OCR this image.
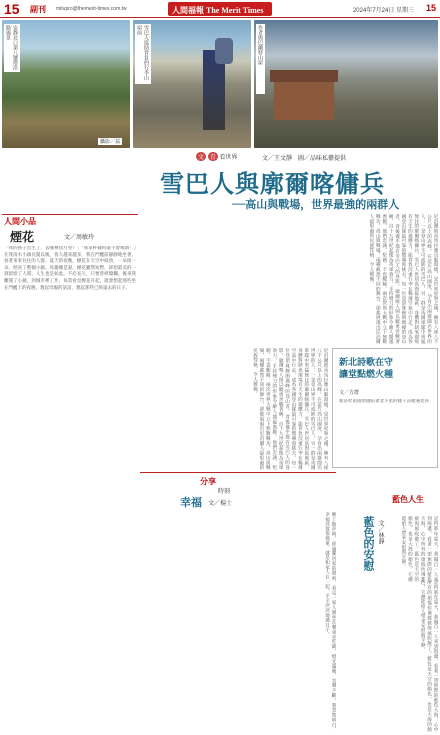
15 副刊 mitupro@themerit-times.com.tw	人間福報 The Merit Times	2024年7月24日 星期三 15
安靜北口第八號塔沿路風景
攝影／翁
雪巴人協助背負的行李山屋前	作者與巴蘭特山屋
文 青 看世界	文／王文靜　圖／品味私藝提供
雪巴人與廓爾喀傭兵
──高山與戰場，世界最強的兩群人
尼泊爾被喜馬拉雅山脈環繞，是世界屋脊之國，擁有八座八千公尺以上的高峰。在這片高山國度，孕育出兩群聞名世界的人：一是登山界不可或缺的雪巴人，另一群是英國軍隊中勇猛無比的廓爾喀傭兵。雪巴人世居高海拔地區，身體對缺氧環境有天生的適應力，能背負沉重行李在稀薄空氣中行走，成為各國登山隊最可靠的嚮導與挑夫。每一位登頂珠穆朗瑪峰的登山者，背後幾乎都有雪巴人的身影。廓爾喀人則以驍勇善戰著稱，自十九世紀起便為英軍效力，手持彎刀的形象令敵人聞風喪膽。他們忠誠、堅韌、不畏艱險，兩次世界大戰中立下無數戰功。高山與戰場，兩種截然不同的舞台，卻都展現出尼泊爾人最堅毅的民族性格，令人敬佩。
尼泊爾被喜馬拉雅山脈環繞，是世界屋脊之國，擁有八座八千公尺以上的高峰。在這片高山國度，孕育出兩群聞名世界的人：一是登山界不可或缺的雪巴人，另一群是英國軍隊中勇猛無比的廓爾喀傭兵。雪巴人世居高海拔地區，身體對缺氧環境有天生的適應力，能背負沉重行李在稀薄空氣中行走，成為各國登山隊最可靠的嚮導與挑夫。每一位登頂珠穆朗瑪峰的登山者，背後幾乎都有雪巴人的身影。廓爾喀人則以驍勇善戰著稱，自十九世紀起便為英軍效力，手持彎刀的形象令敵人聞風喪膽。他們忠誠、堅韌、不畏艱險，兩次世界大戰中立下無數戰功。高山與戰場，兩種截然不同的舞台，卻都展現出尼泊爾人最堅毅的民族性格，令人敬佩。	新北詩歌在守讓堂點燃火種
文／方群
新莊杜甫園原創陪著北斗星的樣子詩歌遇見你
人間小品
煙花	文／周敏玲
「我的孩子出生了，去哪裡找月亮？」「我拿杯錢時還不會喝酒！」在我清水小鎮長髮以後，客人越來越多，我在門檻前靜靜地坐著，看著來來往往的人群。夏天的夜晚，煙花在天空中綻放，一朵接一朵，照亮了整個小鎮。母親總是說，煙花雖然短暫，卻把最美的一刻留給了人間。人生也是如此，不必長久，只要曾經燦爛。後來我離開了小鎮，到城市裡工作，每當看見煙花升起，就會想起那些坐在門檻上的夜晚，想起母親的話語，想起那些已經遠去的日子。
分享
時刻
幸福 文／楊士
晚上散步時，經過鄰居家的窗前，看見一家人圍坐在餐桌旁吃飯，燈光溫暖，笑聲不斷。我忽然明白，幸福其實很簡單，就是和家人在一起，平平淡淡地過日子。
藍色人生
藍色的安慰 文／林靜
記得那年夏天，我獨自一人來到海邊，看著一望無際的藍色大海，心中所有的煩惱彷彿都被海風吹散了。藍色是天空的顏色，也是大海的顏色，它總能給人帶來安慰與平靜。
記得那年夏天，我獨自一人來到海邊，看著一望無際的藍色大海，心中所有的煩惱彷彿都被海風吹散了。藍色是天空的顏色，也是大海的顏色，它總能給人帶來安慰與平靜。
